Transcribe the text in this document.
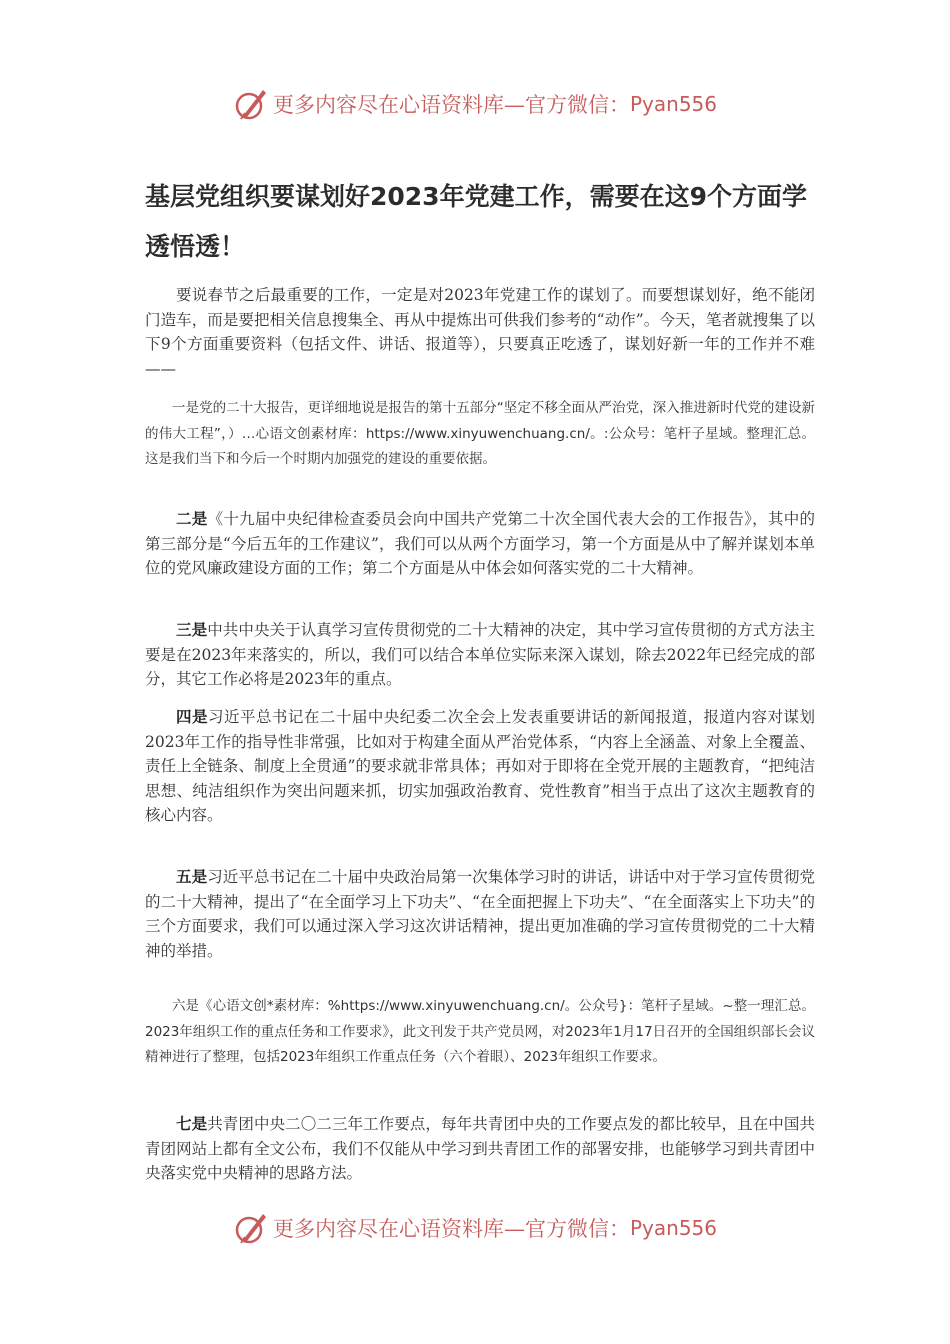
更多内容尽在心语资料库—官方微信： Pyan556
基层党组织要谋划好2023年党建工作，需要在这9个方面学透悟透！

要说春节之后最重要的工作，一定是对2023年党建工作的谋划了。而要想谋划好，绝不能闭门造车，而是要把相关信息搜集全、再从中提炼出可供我们参考的“动作”。今天，笔者就搜集了以下9个方面重要资料（包括文件、讲话、报道等），只要真正吃透了，谋划好新一年的工作并不难——

一是党的二十大报告，更详细地说是报告的第十五部分“坚定不移全面从严治党，深入推进新时代党的建设新的伟大工程”，）…心语文创素材库：https://www.xinyuwenchuang.cn/。:公众号：笔杆子星域。整理汇总。这是我们当下和今后一个时期内加强党的建设的重要依据。

二是《十九届中央纪律检查委员会向中国共产党第二十次全国代表大会的工作报告》，其中的第三部分是“今后五年的工作建议”，我们可以从两个方面学习，第一个方面是从中了解并谋划本单位的党风廉政建设方面的工作；第二个方面是从中体会如何落实党的二十大精神。

三是中共中央关于认真学习宣传贯彻党的二十大精神的决定，其中学习宣传贯彻的方式方法主要是在2023年来落实的，所以，我们可以结合本单位实际来深入谋划，除去2022年已经完成的部分，其它工作必将是2023年的重点。

四是习近平总书记在二十届中央纪委二次全会上发表重要讲话的新闻报道，报道内容对谋划2023年工作的指导性非常强，比如对于构建全面从严治党体系，“内容上全涵盖、对象上全覆盖、责任上全链条、制度上全贯通”的要求就非常具体；再如对于即将在全党开展的主题教育，“把纯洁思想、纯洁组织作为突出问题来抓，切实加强政治教育、党性教育”相当于点出了这次主题教育的核心内容。

五是习近平总书记在二十届中央政治局第一次集体学习时的讲话，讲话中对于学习宣传贯彻党的二十大精神，提出了“在全面学习上下功夫”、“在全面把握上下功夫”、“在全面落实上下功夫”的三个方面要求，我们可以通过深入学习这次讲话精神，提出更加准确的学习宣传贯彻党的二十大精神的举措。

六是《心语文创*素材库：%https://www.xinyuwenchuang.cn/。公众号}：笔杆子星域。~整一理汇总。2023年组织工作的重点任务和工作要求》，此文刊发于共产党员网，对2023年1月17日召开的全国组织部长会议精神进行了整理，包括2023年组织工作重点任务（六个着眼）、2023年组织工作要求。

七是共青团中央二〇二三年工作要点，每年共青团中央的工作要点发的都比较早，且在中国共青团网站上都有全文公布，我们不仅能从中学习到共青团工作的部署安排，也能够学习到共青团中央落实党中央精神的思路方法。

更多内容尽在心语资料库—官方微信： Pyan556
